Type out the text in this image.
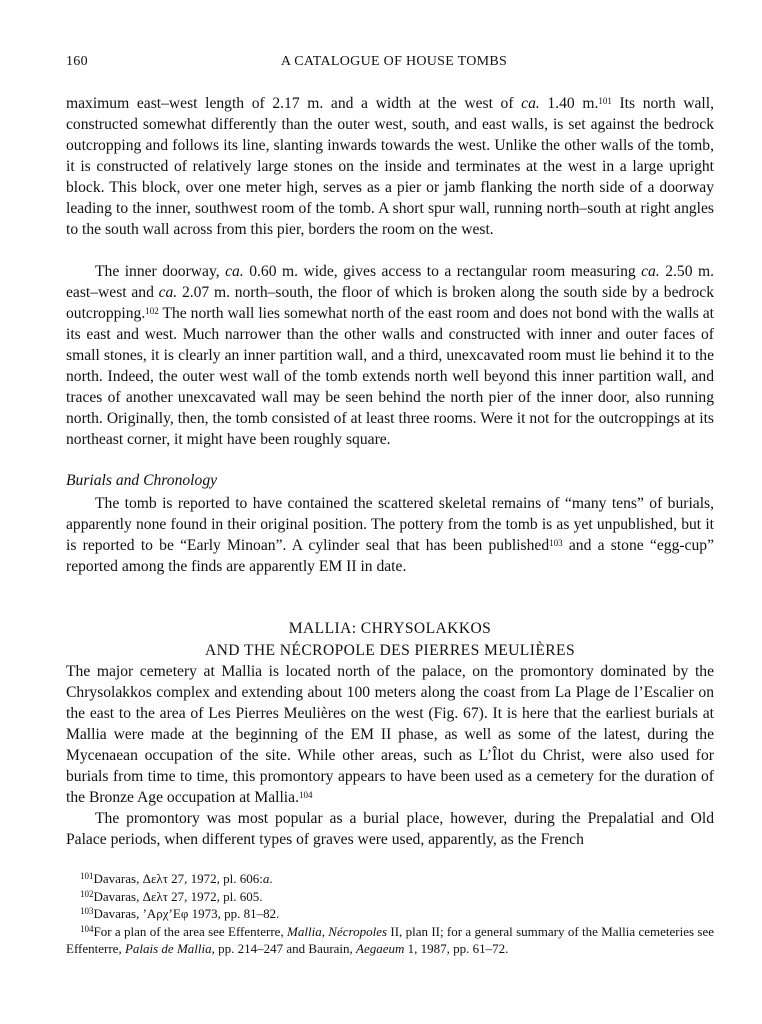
160	A CATALOGUE OF HOUSE TOMBS

maximum east–west length of 2.17 m. and a width at the west of ca. 1.40 m.$^{101}$ Its north wall, constructed somewhat differently than the outer west, south, and east walls, is set against the bedrock outcropping and follows its line, slanting inwards towards the west. Unlike the other walls of the tomb, it is constructed of relatively large stones on the inside and terminates at the west in a large upright block. This block, over one meter high, serves as a pier or jamb flanking the north side of a doorway leading to the inner, southwest room of the tomb. A short spur wall, running north–south at right angles to the south wall across from this pier, borders the room on the west.

The inner doorway, ca. 0.60 m. wide, gives access to a rectangular room measuring ca. 2.50 m. east–west and ca. 2.07 m. north–south, the floor of which is broken along the south side by a bedrock outcropping.$^{102}$ The north wall lies somewhat north of the east room and does not bond with the walls at its east and west. Much narrower than the other walls and constructed with inner and outer faces of small stones, it is clearly an inner partition wall, and a third, unexcavated room must lie behind it to the north. Indeed, the outer west wall of the tomb extends north well beyond this inner partition wall, and traces of another unexcavated wall may be seen behind the north pier of the inner door, also running north. Originally, then, the tomb consisted of at least three rooms. Were it not for the outcroppings at its northeast corner, it might have been roughly square.

Burials and Chronology

The tomb is reported to have contained the scattered skeletal remains of “many tens” of burials, apparently none found in their original position. The pottery from the tomb is as yet unpublished, but it is reported to be “Early Minoan”. A cylinder seal that has been published$^{103}$ and a stone “egg-cup” reported among the finds are apparently EM II in date.

MALLIA: CHRYSOLAKKOS
AND THE NÉCROPOLE DES PIERRES MEULIÈRES

The major cemetery at Mallia is located north of the palace, on the promontory dominated by the Chrysolakkos complex and extending about 100 meters along the coast from La Plage de l’Escalier on the east to the area of Les Pierres Meulières on the west (Fig. 67). It is here that the earliest burials at Mallia were made at the beginning of the EM II phase, as well as some of the latest, during the Mycenaean occupation of the site. While other areas, such as L’Îlot du Christ, were also used for burials from time to time, this promontory appears to have been used as a cemetery for the duration of the Bronze Age occupation at Mallia.$^{104}$

The promontory was most popular as a burial place, however, during the Prepalatial and Old Palace periods, when different types of graves were used, apparently, as the French

$^{101}$Davaras, Δελτ 27, 1972, pl. 606:a.

$^{102}$Davaras, Δελτ 27, 1972, pl. 605.

$^{103}$Davaras, ’Αρχ’Εφ 1973, pp. 81–82.

$^{104}$For a plan of the area see Effenterre, Mallia, Nécropoles II, plan II; for a general summary of the Mallia cemeteries see Effenterre, Palais de Mallia, pp. 214–247 and Baurain, Aegaeum 1, 1987, pp. 61–72.
